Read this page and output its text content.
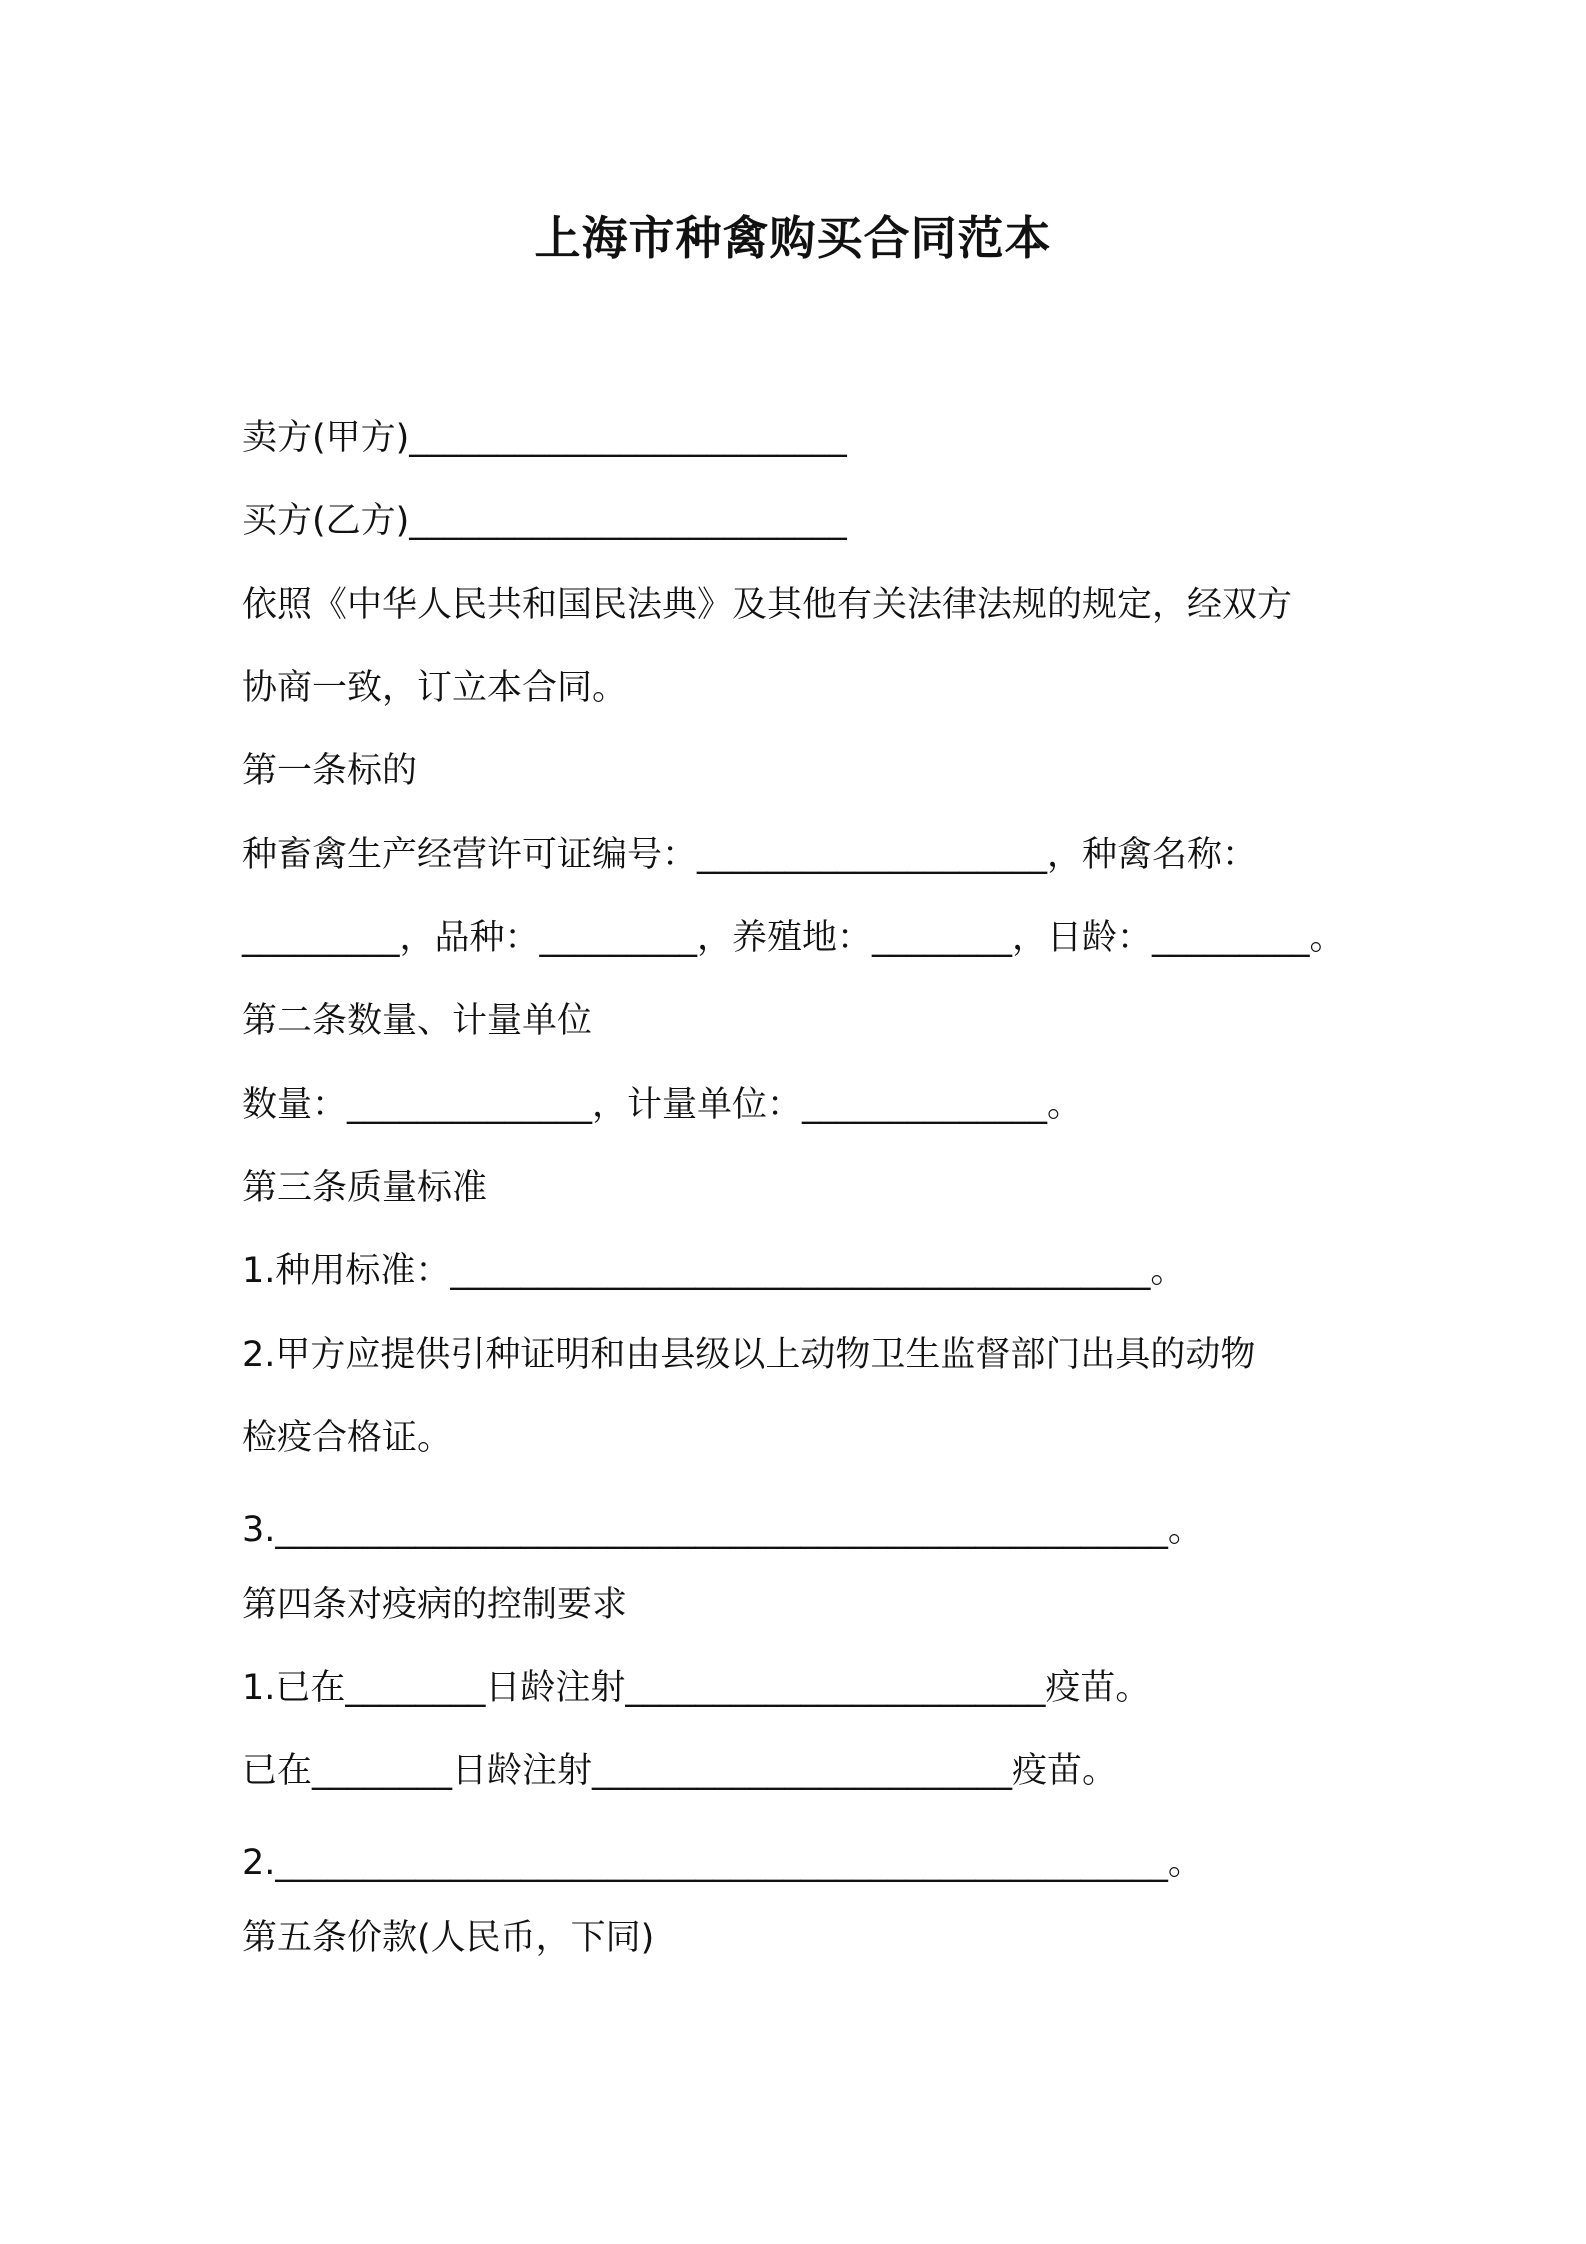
上海市种禽购买合同范本

卖方(甲方)_________________________

买方(乙方)_________________________

依照《中华人民共和国民法典》及其他有关法律法规的规定，经双方

协商一致，订立本合同。

第一条标的

种畜禽生产经营许可证编号：____________________，种禽名称：

_________，品种：_________，养殖地：________，日龄：_________。

第二条数量、计量单位

数量：______________，计量单位：______________。

第三条质量标准

1.种用标准：________________________________________。

2.甲方应提供引种证明和由县级以上动物卫生监督部门出具的动物

检疫合格证。

3.___________________________________________________。

第四条对疫病的控制要求

1.已在________日龄注射________________________疫苗。

已在________日龄注射________________________疫苗。

2.___________________________________________________。

第五条价款(人民币，下同)
